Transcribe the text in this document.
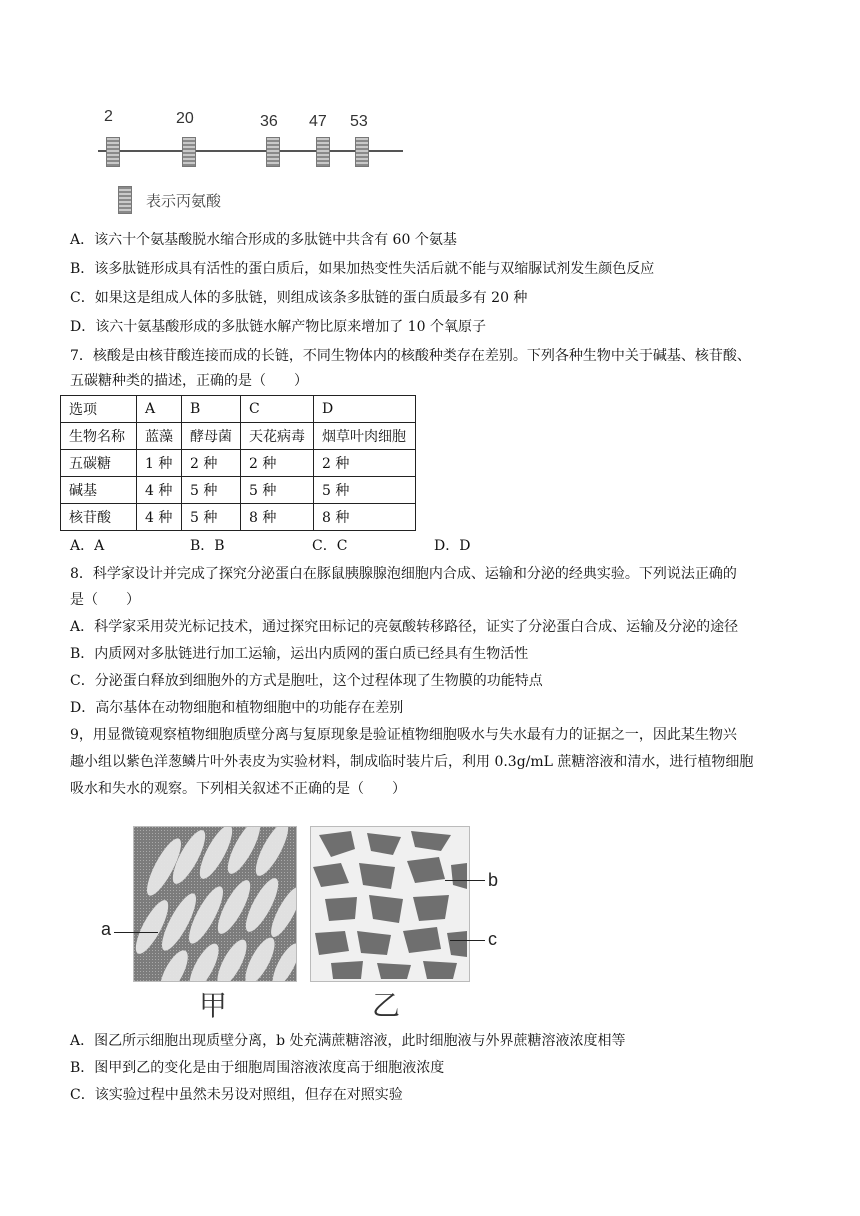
2	20	36 47 53
表示丙氨酸
A．该六十个氨基酸脱水缩合形成的多肽链中共含有 60 个氨基
B．该多肽链形成具有活性的蛋白质后，如果加热变性失活后就不能与双缩脲试剂发生颜色反应
C．如果这是组成人体的多肽链，则组成该条多肽链的蛋白质最多有 20 种
D．该六十氨基酸形成的多肽链水解产物比原来增加了 10 个氧原子
7．核酸是由核苷酸连接而成的长链，不同生物体内的核酸种类存在差别。下列各种生物中关于碱基、核苷酸、
五碳糖种类的描述，正确的是（　　）
选项	A	B	C	D
生物名称	蓝藻	酵母菌	天花病毒	烟草叶肉细胞
五碳糖	1 种	2 种	2 种	2 种
碱基	4 种	5 种	5 种	5 种
核苷酸	4 种	5 种	8 种	8 种
A．A	B．B	C．C	D．D
8．科学家设计并完成了探究分泌蛋白在豚鼠胰腺腺泡细胞内合成、运输和分泌的经典实验。下列说法正确的
是（　　）
A．科学家采用荧光标记技术，通过探究田标记的亮氨酸转移路径，证实了分泌蛋白合成、运输及分泌的途径
B．内质网对多肽链进行加工运输，运出内质网的蛋白质已经具有生物活性
C．分泌蛋白释放到细胞外的方式是胞吐，这个过程体现了生物膜的功能特点
D．高尔基体在动物细胞和植物细胞中的功能存在差别
9，用显微镜观察植物细胞质壁分离与复原现象是验证植物细胞吸水与失水最有力的证据之一，因此某生物兴
趣小组以紫色洋葱鳞片叶外表皮为实验材料，制成临时装片后，利用 0.3g/mL 蔗糖溶液和清水，进行植物细胞
吸水和失水的观察。下列相关叙述不正确的是（　　）
a
b
c
甲	乙
A．图乙所示细胞出现质壁分离，b 处充满蔗糖溶液，此时细胞液与外界蔗糖溶液浓度相等
B．图甲到乙的变化是由于细胞周围溶液浓度高于细胞液浓度
C．该实验过程中虽然未另设对照组，但存在对照实验
